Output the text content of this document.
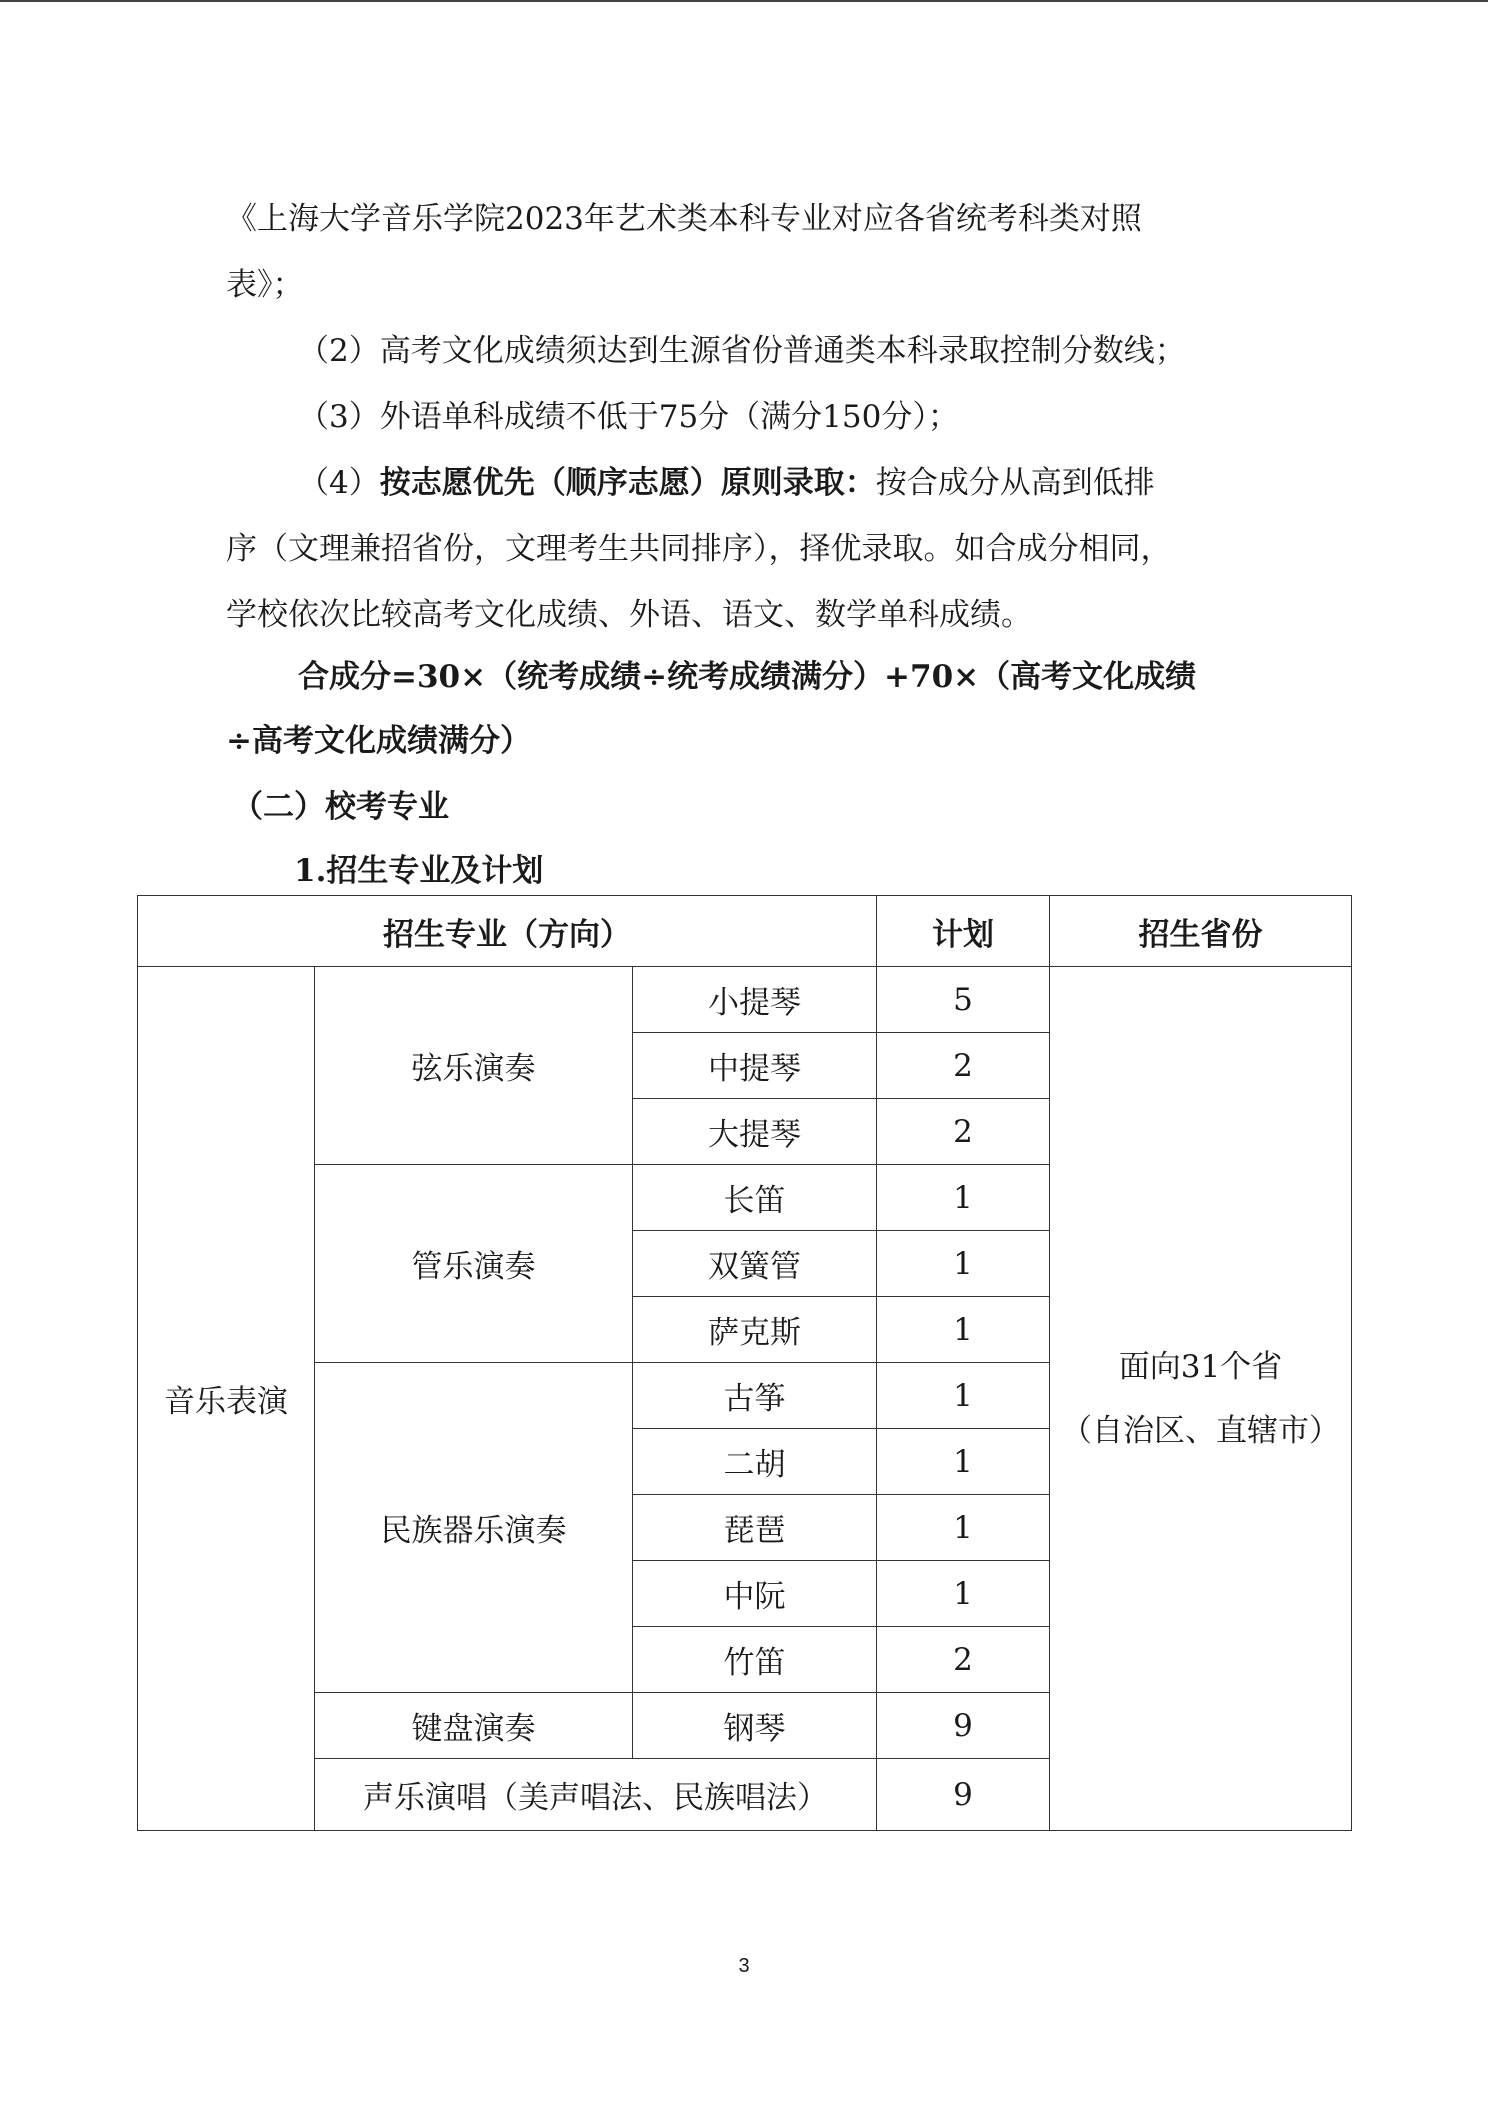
《上海大学音乐学院2023年艺术类本科专业对应各省统考科类对照
表》；
（2）高考文化成绩须达到生源省份普通类本科录取控制分数线；
（3）外语单科成绩不低于75分（满分150分）；
（4）按志愿优先（顺序志愿）原则录取：按合成分从高到低排
序（文理兼招省份，文理考生共同排序），择优录取。如合成分相同，
学校依次比较高考文化成绩、外语、语文、数学单科成绩。
合成分=30×（统考成绩÷统考成绩满分）+70×（高考文化成绩
÷高考文化成绩满分）
（二）校考专业
1.招生专业及计划
招生专业（方向）			计划	招生省份
音乐表演	弦乐演奏	小提琴	5	面向31个省
（自治区、直辖市）

		中提琴	2	
		大提琴	2	
	管乐演奏	长笛	1	
		双簧管	1	
		萨克斯	1	
	民族器乐演奏	古筝	1	
		二胡	1	
		琵琶	1	
		中阮	1	
		竹笛	2	
	键盘演奏	钢琴	9	
	声乐演唱（美声唱法、民族唱法）		9	
3
